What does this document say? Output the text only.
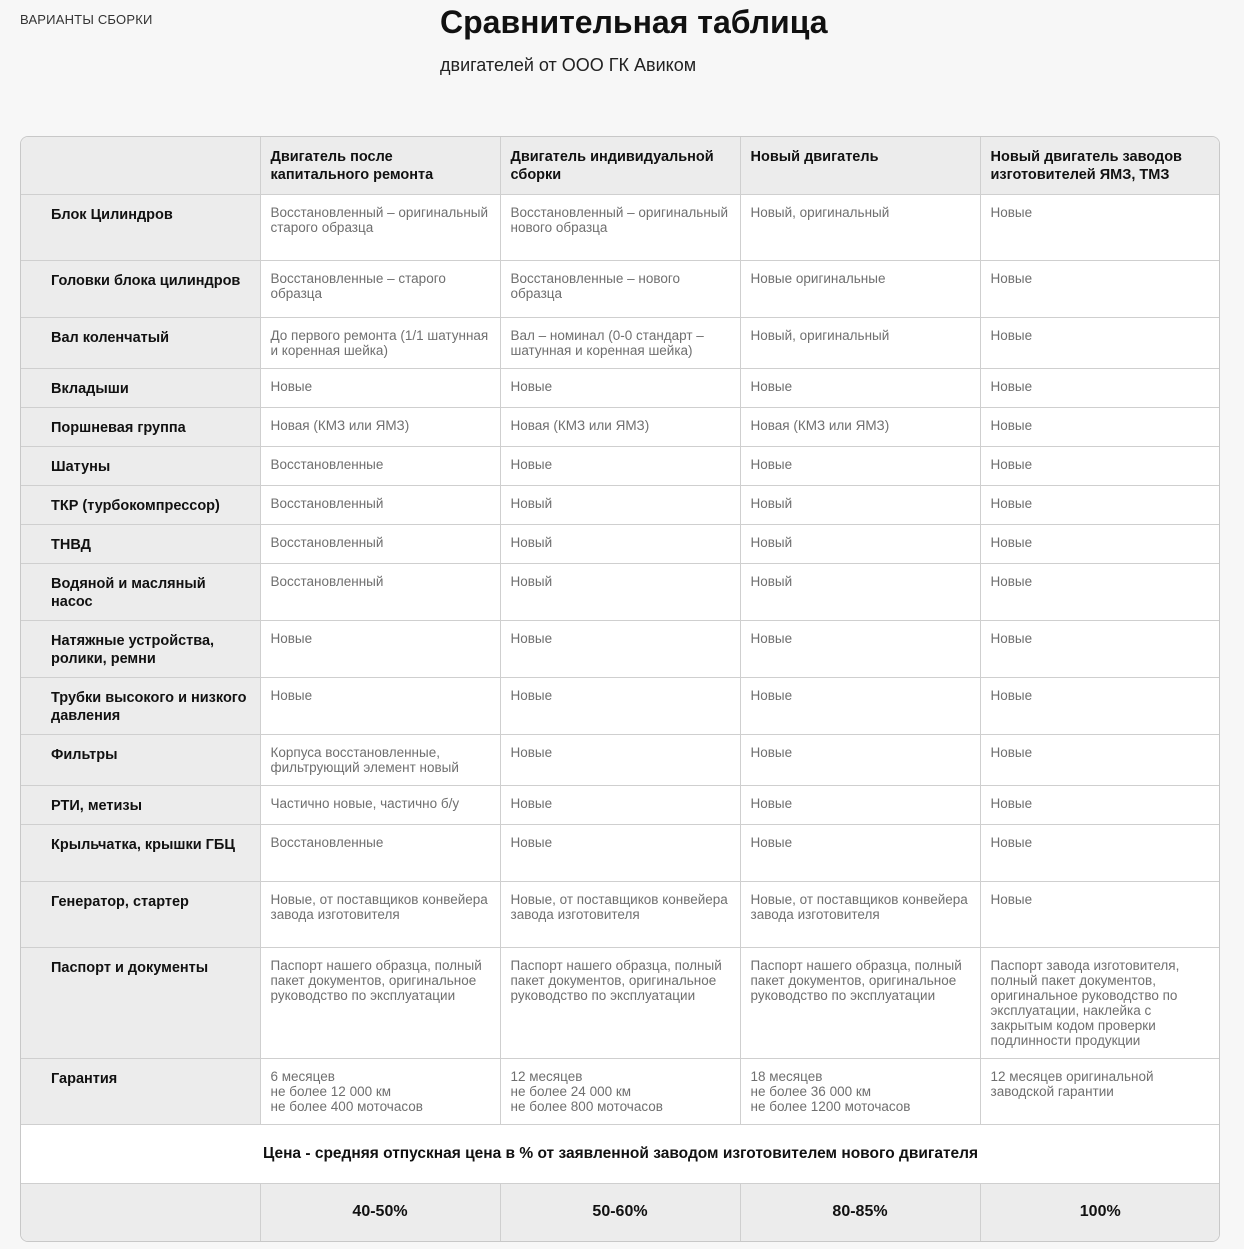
ВАРИАНТЫ СБОРКИ	Сравнительная таблица
двигателей от ООО ГК Авиком
	Двигатель после капитального ремонта	Двигатель индивидуальной сборки	Новый двигатель	Новый двигатель заводов изготовителей ЯМЗ, ТМЗ
Блок Цилиндров	Восстановленный – оригинальный старого образца	Восстановленный – оригинальный нового образца	Новый, оригинальный	Новые
Головки блока цилиндров	Восстановленные – старого образца	Восстановленные – нового образца	Новые оригинальные	Новые
Вал коленчатый	До первого ремонта (1/1 шатунная и коренная шейка)	Вал – номинал (0-0 стандарт – шатунная и коренная шейка)	Новый, оригинальный	Новые
Вкладыши	Новые	Новые	Новые	Новые
Поршневая группа	Новая (КМЗ или ЯМЗ)	Новая (КМЗ или ЯМЗ)	Новая (КМЗ или ЯМЗ)	Новые
Шатуны	Восстановленные	Новые	Новые	Новые
ТКР (турбокомпрессор)	Восстановленный	Новый	Новый	Новые
ТНВД	Восстановленный	Новый	Новый	Новые
Водяной и масляный насос	Восстановленный	Новый	Новый	Новые
Натяжные устройства, ролики, ремни	Новые	Новые	Новые	Новые
Трубки высокого и низкого давления	Новые	Новые	Новые	Новые
Фильтры	Корпуса восстановленные, фильтрующий элемент новый	Новые	Новые	Новые
РТИ, метизы	Частично новые, частично б/у	Новые	Новые	Новые
Крыльчатка, крышки ГБЦ	Восстановленные	Новые	Новые	Новые
Генератор, стартер	Новые, от поставщиков конвейера завода изготовителя	Новые, от поставщиков конвейера завода изготовителя	Новые, от поставщиков конвейера завода изготовителя	Новые
Паспорт и документы	Паспорт нашего образца, полный пакет документов, оригинальное руководство по эксплуатации	Паспорт нашего образца, полный пакет документов, оригинальное руководство по эксплуатации	Паспорт нашего образца, полный пакет документов, оригинальное руководство по эксплуатации	Паспорт завода изготовителя, полный пакет документов, оригинальное руководство по эксплуатации, наклейка с закрытым кодом проверки подлинности продукции
Гарантия	6 месяцев
не более 12 000 км
не более 400 моточасов	12 месяцев
не более 24 000 км
не более 800 моточасов	18 месяцев
не более 36 000 км
не более 1200 моточасов	12 месяцев оригинальной заводской гарантии
Цена - средняя отпускная цена в % от заявленной заводом изготовителем нового двигателя				
	40-50%	50-60%	80-85%	100%
